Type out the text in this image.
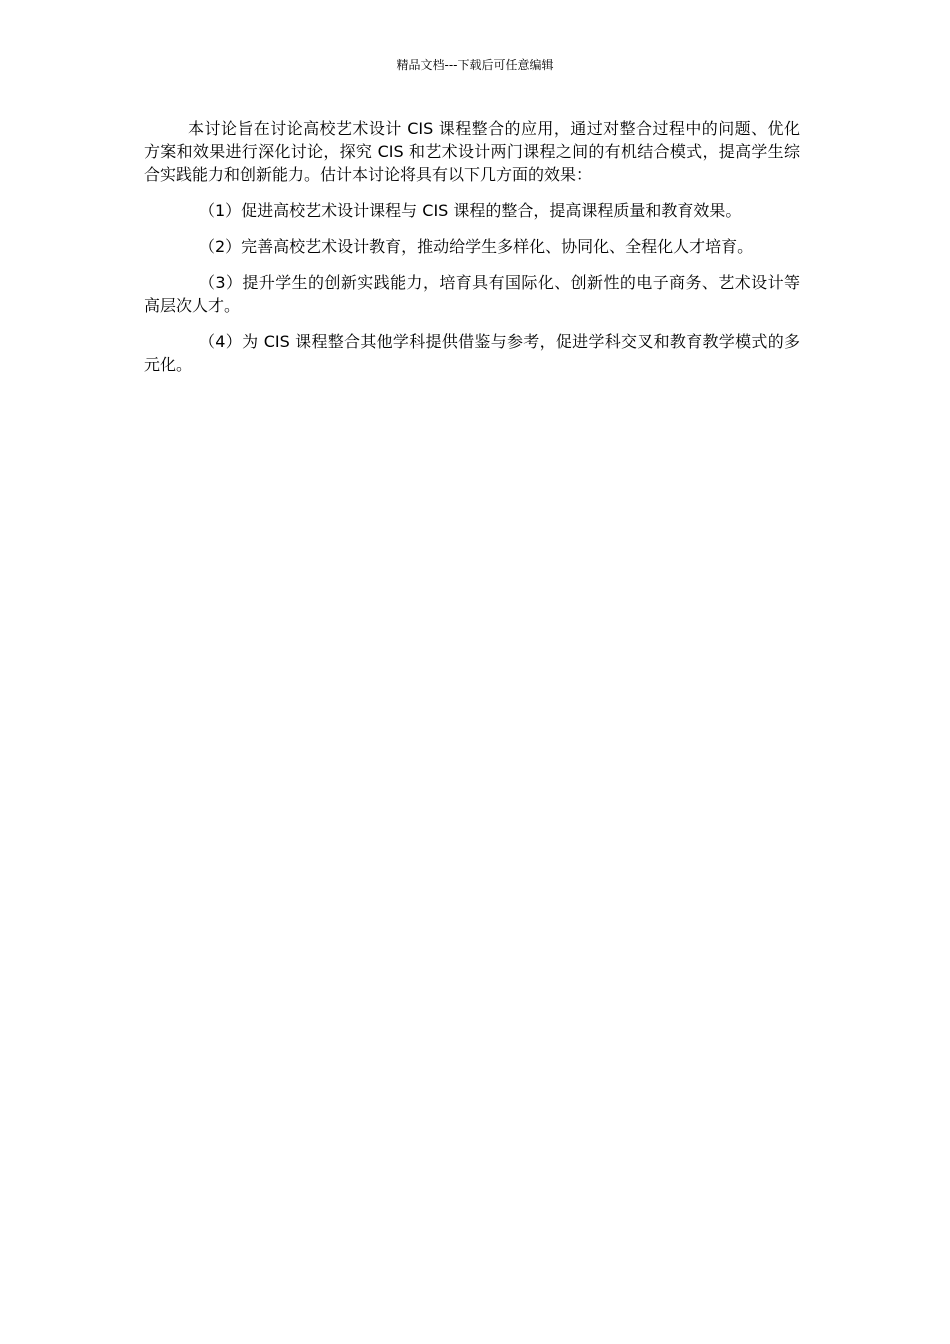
精品文档---下载后可任意编辑

本讨论旨在讨论高校艺术设计 CIS 课程整合的应用，通过对整合过程中的问题、优化方案和效果进行深化讨论，探究 CIS 和艺术设计两门课程之间的有机结合模式，提高学生综合实践能力和创新能力。估计本讨论将具有以下几方面的效果：

（1）促进高校艺术设计课程与 CIS 课程的整合，提高课程质量和教育效果。

（2）完善高校艺术设计教育，推动给学生多样化、协同化、全程化人才培育。

（3）提升学生的创新实践能力，培育具有国际化、创新性的电子商务、艺术设计等高层次人才。

（4）为 CIS 课程整合其他学科提供借鉴与参考，促进学科交叉和教育教学模式的多元化。
